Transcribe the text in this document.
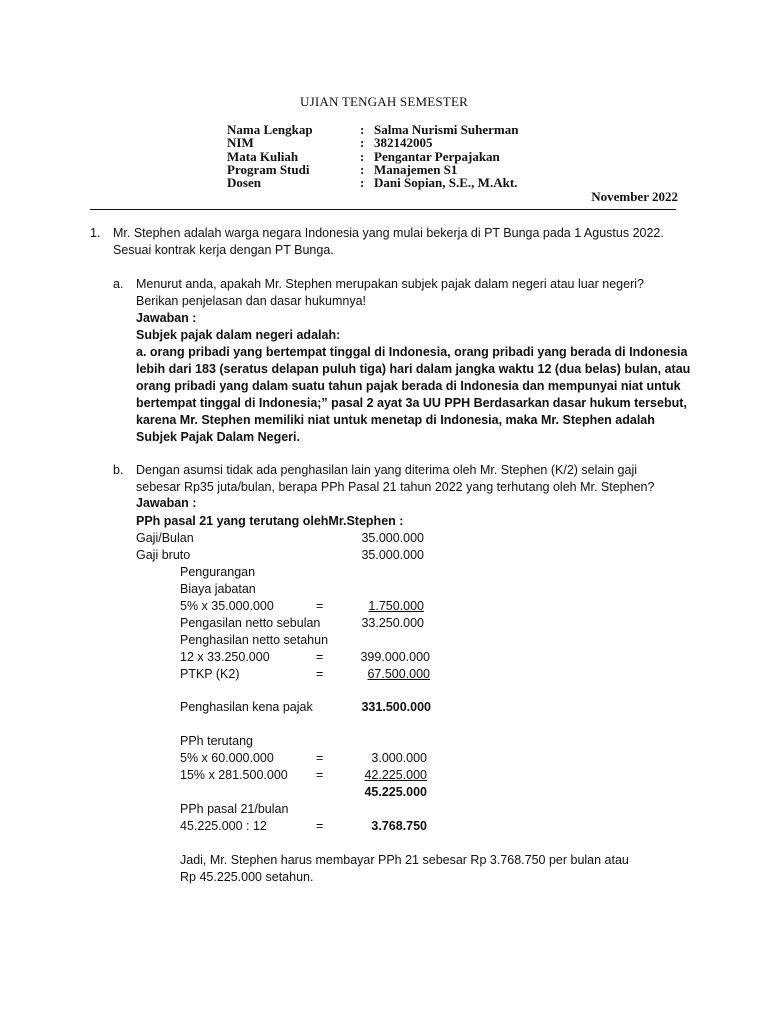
UJIAN TENGAH SEMESTER
Nama Lengkap	: Salma Nurismi Suherman
NIM	: 382142005
Mata Kuliah	: Pengantar Perpajakan
Program Studi	: Manajemen S1
Dosen	: Dani Sopian, S.E., M.Akt.
November 2022
1. Mr. Stephen adalah warga negara Indonesia yang mulai bekerja di PT Bunga pada 1 Agustus 2022.
Sesuai kontrak kerja dengan PT Bunga.
a. Menurut anda, apakah Mr. Stephen merupakan subjek pajak dalam negeri atau luar negeri?
Berikan penjelasan dan dasar hukumnya!
Jawaban :
Subjek pajak dalam negeri adalah:
a. orang pribadi yang bertempat tinggal di Indonesia, orang pribadi yang berada di Indonesia
lebih dari 183 (seratus delapan puluh tiga) hari dalam jangka waktu 12 (dua belas) bulan, atau
orang pribadi yang dalam suatu tahun pajak berada di Indonesia dan mempunyai niat untuk
bertempat tinggal di Indonesia;” pasal 2 ayat 3a UU PPH Berdasarkan dasar hukum tersebut,
karena Mr. Stephen memiliki niat untuk menetap di Indonesia, maka Mr. Stephen adalah
Subjek Pajak Dalam Negeri.
b. Dengan asumsi tidak ada penghasilan lain yang diterima oleh Mr. Stephen (K/2) selain gaji
sebesar Rp35 juta/bulan, berapa PPh Pasal 21 tahun 2022 yang terhutang oleh Mr. Stephen?
Jawaban :
PPh pasal 21 yang terutang olehMr.Stephen :
Gaji/Bulan	35.000.000
Gaji bruto	35.000.000
Pengurangan
Biaya jabatan
5% x 35.000.000	=	1.750.000
Pengasilan netto sebulan	33.250.000
Penghasilan netto setahun
12 x 33.250.000	=	399.000.000
PTKP (K2)	=	67.500.000
Penghasilan kena pajak	331.500.000
PPh terutang
5% x 60.000.000	=	3.000.000
15% x 281.500.000 =	42.225.000
45.225.000
PPh pasal 21/bulan
45.225.000 : 12	=	3.768.750
Jadi, Mr. Stephen harus membayar PPh 21 sebesar Rp 3.768.750 per bulan atau
Rp 45.225.000 setahun.
